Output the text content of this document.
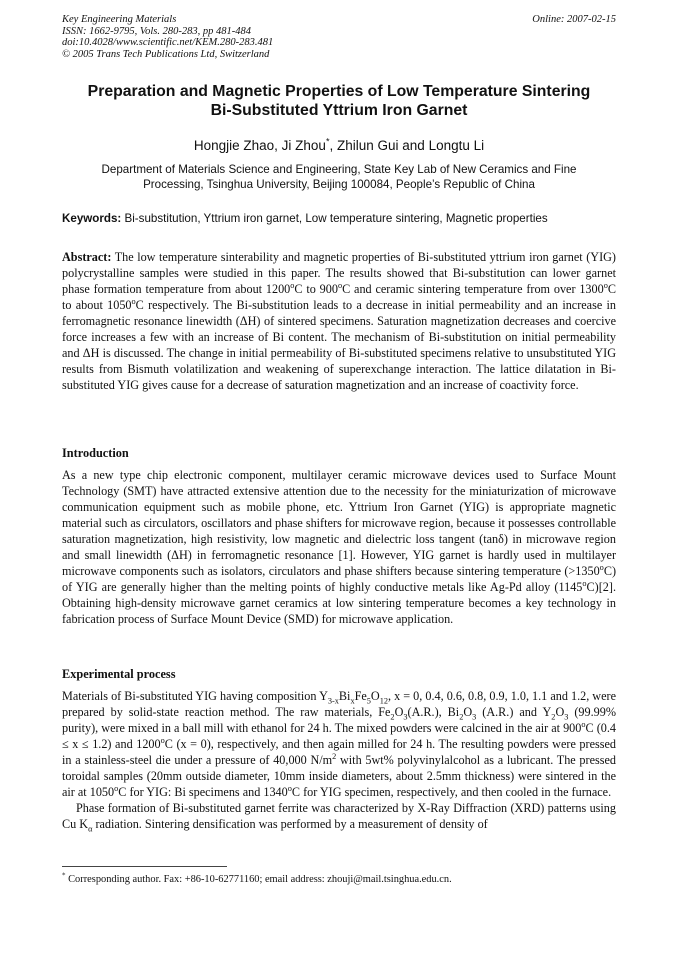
Key Engineering Materials
ISSN: 1662-9795, Vols. 280-283, pp 481-484
doi:10.4028/www.scientific.net/KEM.280-283.481
© 2005 Trans Tech Publications Ltd, Switzerland
Online: 2007-02-15
Preparation and Magnetic Properties of Low Temperature Sintering
Bi-Substituted Yttrium Iron Garnet
Hongjie Zhao, Ji Zhou*, Zhilun Gui and Longtu Li
Department of Materials Science and Engineering, State Key Lab of New Ceramics and Fine
Processing, Tsinghua University, Beijing 100084, People’s Republic of China
Keywords: Bi-substitution, Yttrium iron garnet, Low temperature sintering, Magnetic properties
Abstract: The low temperature sinterability and magnetic properties of Bi-substituted yttrium iron garnet (YIG) polycrystalline samples were studied in this paper. The results showed that Bi-substitution can lower garnet phase formation temperature from about 1200$^o$C to 900$^o$C and ceramic sintering temperature from over 1300$^o$C to about 1050$^o$C respectively. The Bi-substitution leads to a decrease in initial permeability and an increase in ferromagnetic resonance linewidth (ΔH) of sintered specimens. Saturation magnetization decreases and coercive force increases a few with an increase of Bi content. The mechanism of Bi-substitution on initial permeability and ΔH is discussed. The change in initial permeability of Bi-substituted specimens relative to unsubstituted YIG results from Bismuth volatilization and weakening of superexchange interaction. The lattice dilatation in Bi-substituted YIG gives cause for a decrease of saturation magnetization and an increase of coactivity force.
Introduction
As a new type chip electronic component, multilayer ceramic microwave devices used to Surface Mount Technology (SMT) have attracted extensive attention due to the necessity for the miniaturization of microwave communication equipment such as mobile phone, etc. Yttrium Iron Garnet (YIG) is appropriate magnetic material such as circulators, oscillators and phase shifters for microwave region, because it possesses controllable saturation magnetization, high resistivity, low magnetic and dielectric loss tangent (tanδ) in microwave region and small linewidth (ΔH) in ferromagnetic resonance [1]. However, YIG garnet is hardly used in multilayer microwave components such as isolators, circulators and phase shifters because sintering temperature $(>1350^oC)$ of YIG are generally higher than the melting points of highly conductive metals like Ag-Pd alloy (1145$^o$C)[2]. Obtaining high-density microwave garnet ceramics at low sintering temperature becomes a key technology in fabrication process of Surface Mount Device (SMD) for microwave application.
Experimental process
Materials of Bi-substituted YIG having composition $Y_{3-x}Bi_xFe_5O_{12}$, x = 0, 0.4, 0.6, 0.8, 0.9, 1.0, 1.1 and 1.2, were prepared by solid-state reaction method. The raw materials, $Fe_2O_3(A.R.)$, $Bi_2O_3$ (A.R.) and $Y_2O_3$ (99.99% purity), were mixed in a ball mill with ethanol for 24 h. The mixed powders were calcined in the air at 900$^o$C (0.4 ≤ x ≤ 1.2) and 1200$^o$C (x = 0), respectively, and then again milled for 24 h. The resulting powders were pressed in a stainless-steel die under a pressure of 40,000 $N/m^2$ with 5wt% polyvinylalcohol as a lubricant. The pressed toroidal samples (20mm outside diameter, 10mm inside diameters, about 2.5mm thickness) were sintered in the air at 1050$^o$C for YIG: Bi specimens and 1340$^o$C for YIG specimen, respectively, and then cooled in the furnace.
Phase formation of Bi-substituted garnet ferrite was characterized by X-Ray Diffraction (XRD) patterns using Cu $K_\alpha$ radiation. Sintering densification was performed by a measurement of density of
* Corresponding author. Fax: +86-10-62771160; email address: zhouji@mail.tsinghua.edu.cn.
